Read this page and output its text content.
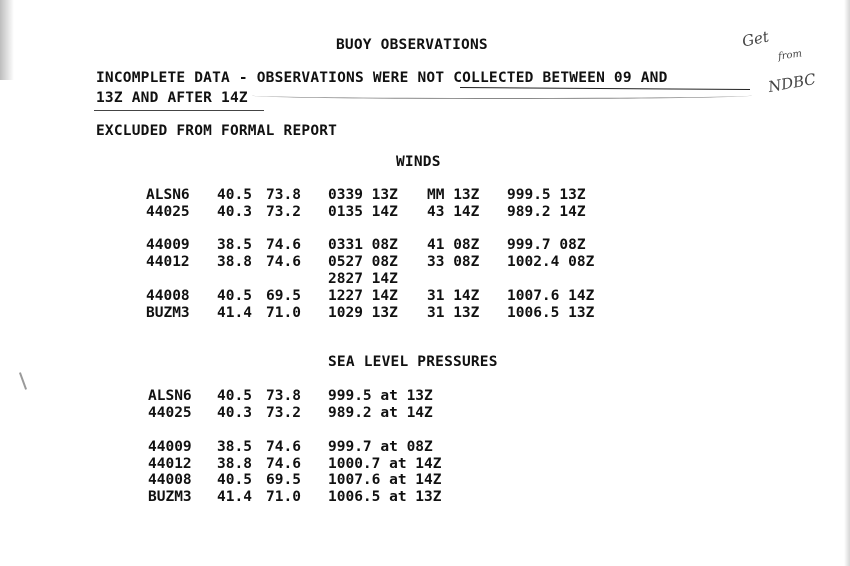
BUOY OBSERVATIONS
INCOMPLETE DATA - OBSERVATIONS WERE NOT COLLECTED BETWEEN 09 AND
13Z AND AFTER 14Z
EXCLUDED FROM FORMAL REPORT
Get
from
NDBC
WINDS
ALSN6 40.5 73.8 0339 13Z MM 13Z 999.5 13Z
44025 40.3 73.2 0135 14Z 43 14Z 989.2 14Z
44009 38.5 74.6 0331 08Z 41 08Z 999.7 08Z
44012 38.8 74.6 0527 08Z 33 08Z 1002.4 08Z
2827 14Z
44008 40.5 69.5 1227 14Z 31 14Z 1007.6 14Z
BUZM3 41.4 71.0 1029 13Z 31 13Z 1006.5 13Z
SEA LEVEL PRESSURES
ALSN6 40.5 73.8 999.5 at 13Z
44025 40.3 73.2 989.2 at 14Z
44009 38.5 74.6 999.7 at 08Z
44012 38.8 74.6 1000.7 at 14Z
44008 40.5 69.5 1007.6 at 14Z
BUZM3 41.4 71.0 1006.5 at 13Z
